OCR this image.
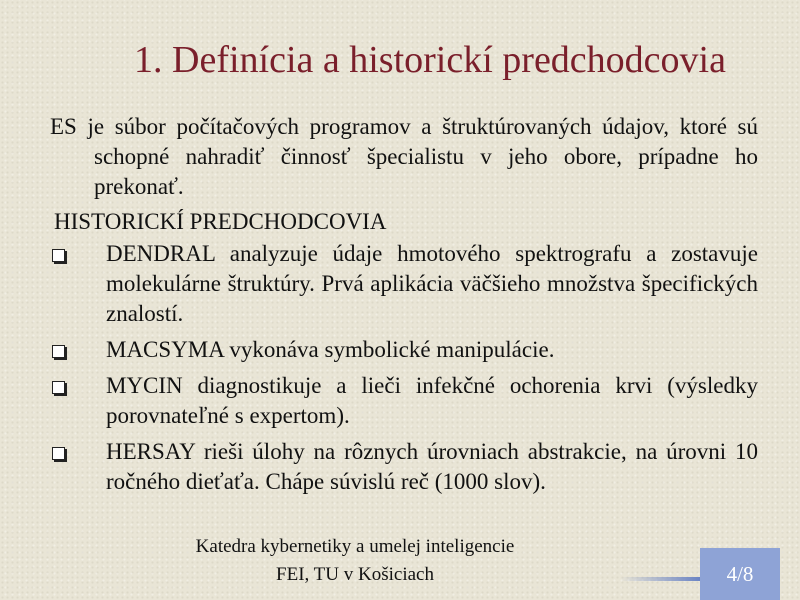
1. Definícia a historickí predchodcovia

ES je súbor počítačových programov a štruktúrovaných údajov, ktoré sú schopné nahradiť činnosť špecialistu v jeho obore, prípadne ho prekonať.

HISTORICKÍ PREDCHODCOVIA

DENDRAL analyzuje údaje hmotového spektrografu a zostavuje molekulárne štruktúry. Prvá aplikácia väčšieho množstva špecifických znalostí.
MACSYMA vykonáva symbolické manipulácie.
MYCIN diagnostikuje a lieči infekčné ochorenia krvi (výsledky porovnateľné s expertom).
HERSAY rieši úlohy na rôznych úrovniach abstrakcie, na úrovni 10 ročného dieťaťa. Chápe súvislú reč (1000 slov).
Katedra kybernetiky a umelej inteligencie
FEI, TU v Košiciach	4/8
